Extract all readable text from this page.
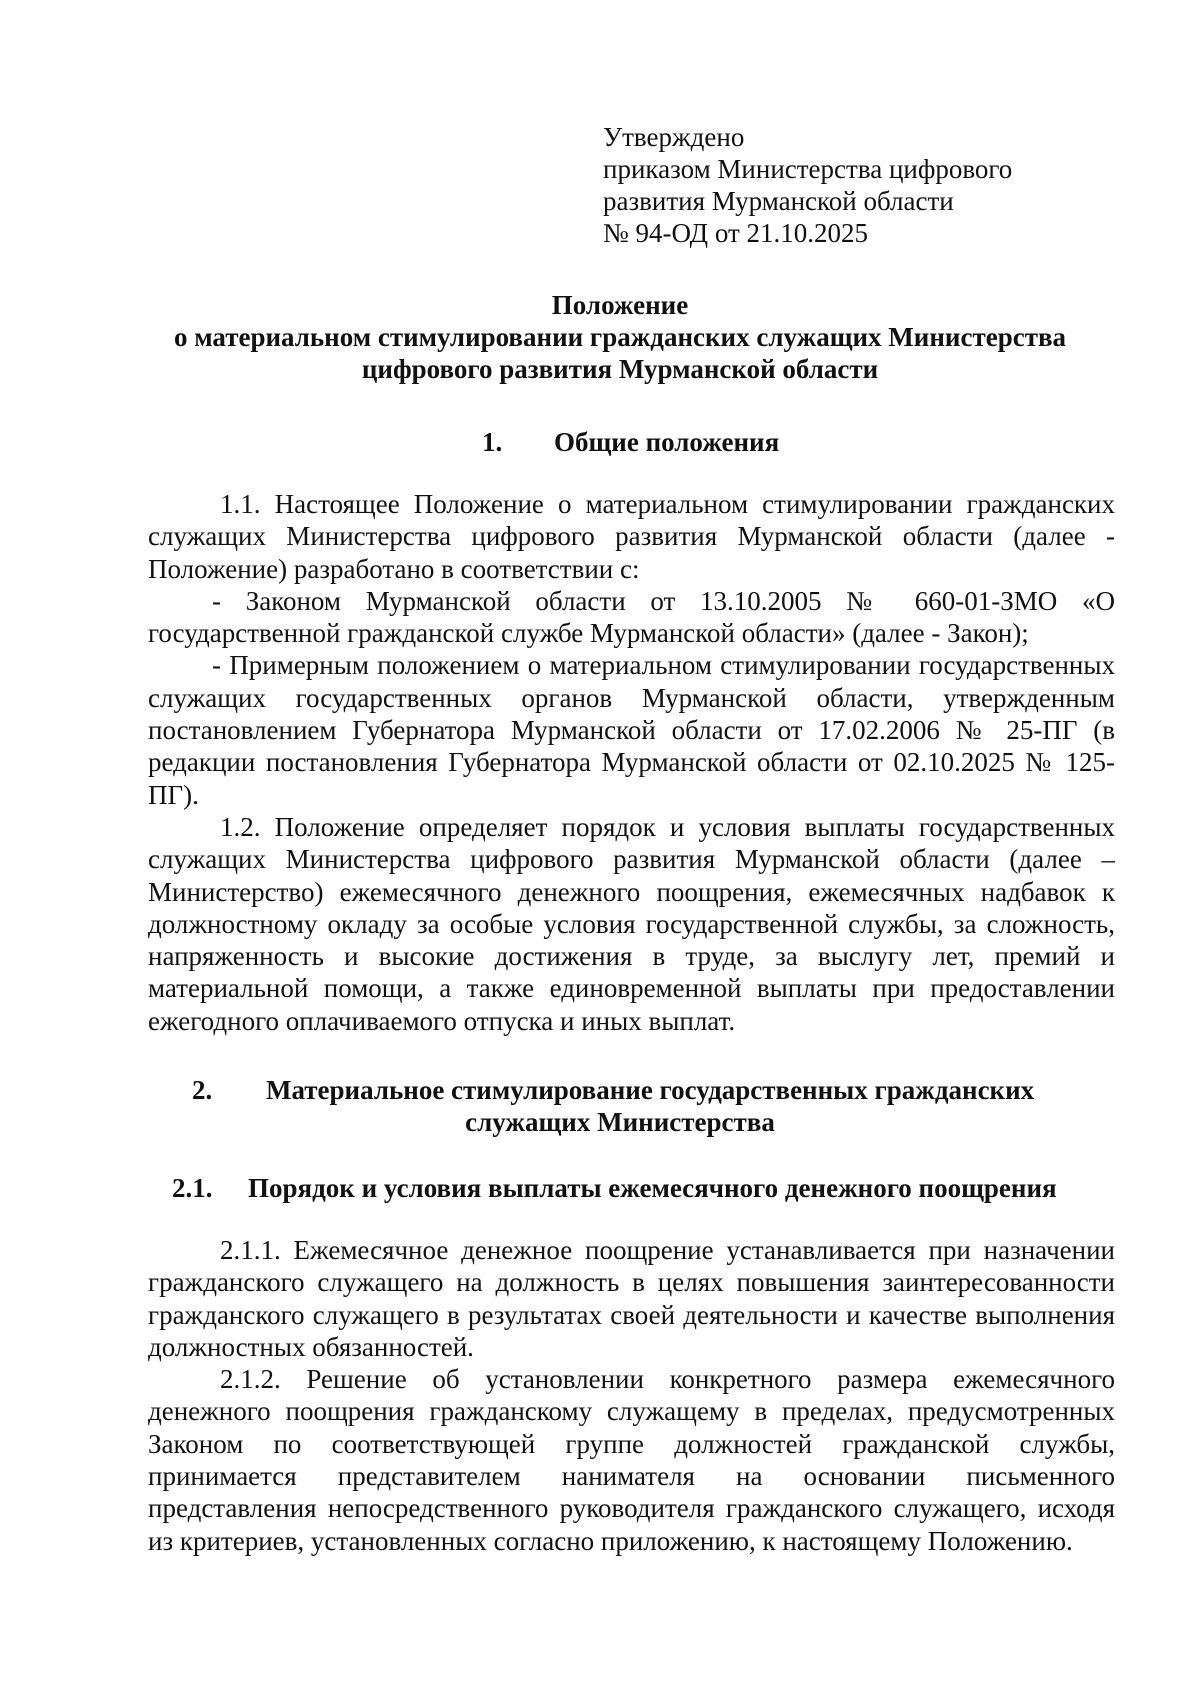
Утверждено
приказом Министерства цифрового
развития Мурманской области
№ 94-ОД от 21.10.2025
Положение
о материальном стимулировании гражданских служащих Министерства
цифрового развития Мурманской области
1. Общие положения

1.1. Настоящее Положение о материальном стимулировании гражданских служащих Министерства цифрового развития Мурманской области (далее - Положение) разработано в соответствии с:

- Законом Мурманской области от 13.10.2005 № 660-01-ЗМО «О государственной гражданской службе Мурманской области» (далее - Закон);

- Примерным положением о материальном стимулировании государственных служащих государственных органов Мурманской области, утвержденным постановлением Губернатора Мурманской области от 17.02.2006 № 25-ПГ (в редакции постановления Губернатора Мурманской области от 02.10.2025 № 125-ПГ).

1.2. Положение определяет порядок и условия выплаты государственных служащих Министерства цифрового развития Мурманской области (далее – Министерство) ежемесячного денежного поощрения, ежемесячных надбавок к должностному окладу за особые условия государственной службы, за сложность, напряженность и высокие достижения в труде, за выслугу лет, премий и материальной помощи, а также единовременной выплаты при предоставлении ежегодного оплачиваемого отпуска и иных выплат.

2. Материальное стимулирование государственных гражданских
служащих Министерства
2.1. Порядок и условия выплаты ежемесячного денежного поощрения

2.1.1. Ежемесячное денежное поощрение устанавливается при назначении гражданского служащего на должность в целях повышения заинтересованности гражданского служащего в результатах своей деятельности и качестве выполнения должностных обязанностей.

2.1.2. Решение об установлении конкретного размера ежемесячного денежного поощрения гражданскому служащему в пределах, предусмотренных Законом по соответствующей группе должностей гражданской службы, принимается представителем нанимателя на основании письменного представления непосредственного руководителя гражданского служащего, исходя из критериев, установленных согласно приложению, к настоящему Положению.
